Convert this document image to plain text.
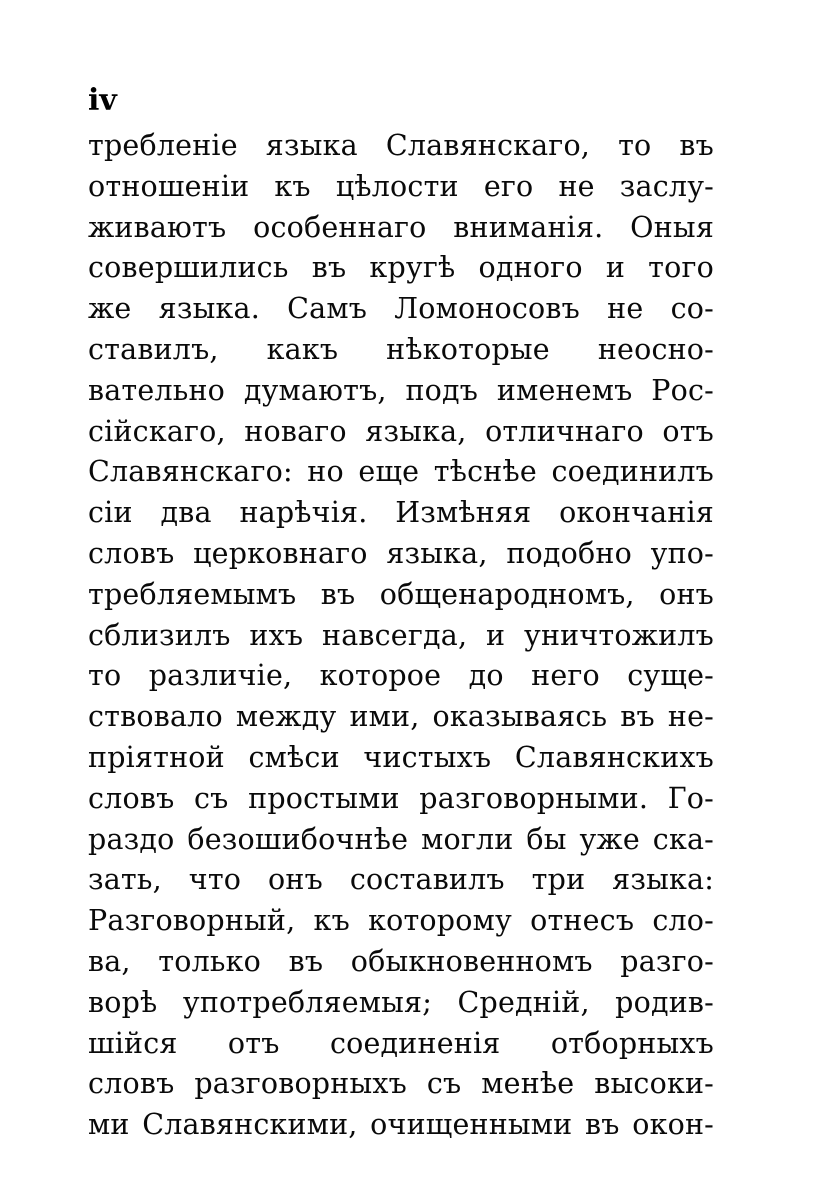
iv
требленіе языка Славянскаго, то въ
отношеніи къ цѣлости его не заслу-
живаютъ особеннаго вниманія. Оныя
совершились въ кругѣ одного и того
же языка. Самъ Ломоносовъ не со-
ставилъ, какъ нѣкоторые неосно-
вательно думаютъ, подъ именемъ Рос-
сійскаго, новаго языка, отличнаго отъ
Славянскаго: но еще тѣснѣе соединилъ
сіи два нарѣчія. Измѣняя окончанія
словъ церковнаго языка, подобно упо-
требляемымъ въ общенародномъ, онъ
сблизилъ ихъ навсегда, и уничтожилъ
то различіе, которое до него суще-
ствовало между ими, оказываясь въ не-
пріятной смѣси чистыхъ Славянскихъ
словъ съ простыми разговорными. Го-
раздо безошибочнѣе могли бы уже ска-
зать, что онъ составилъ три языка:
Разговорный, къ которому отнесъ сло-
ва, только въ обыкновенномъ разго-
ворѣ употребляемыя; Средній, родив-
шійся отъ соединенія отборныхъ
словъ разговорныхъ съ менѣе высоки-
ми Славянскими, очищенными въ окон-
